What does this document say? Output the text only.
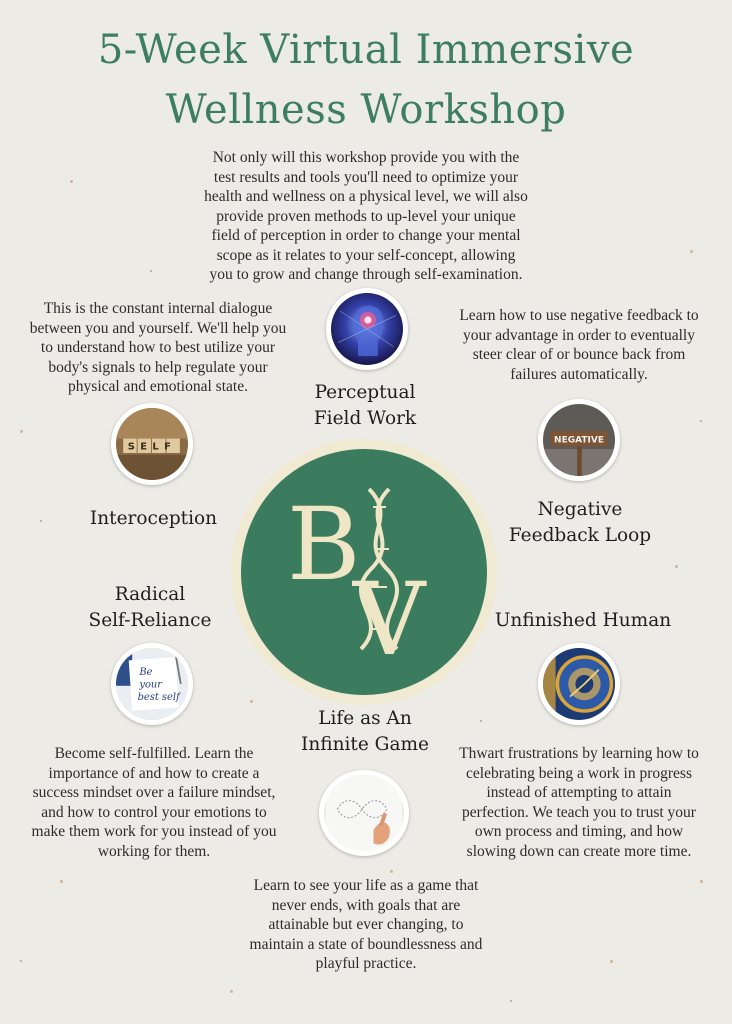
5-Week Virtual Immersive
Wellness Workshop
Not only will this workshop provide you with the
test results and tools you'll need to optimize your
health and wellness on a physical level, we will also
provide proven methods to up-level your unique
field of perception in order to change your mental
scope as it relates to your self-concept, allowing
you to grow and change through self-examination.
This is the constant internal dialogue
between you and yourself. We'll help you
to understand how to best utilize your
body's signals to help regulate your
physical and emotional state.
Learn how to use negative feedback to
your advantage in order to eventually
steer clear of or bounce back from
failures automatically.
Perceptual
Field Work
SELF
Interoception
NEGATIVE
Negative
Feedback Loop
B
V
Radical
Self-Reliance	Unfinished Human
Be
your
best self
Life as An
Infinite Game
Become self-fulfilled. Learn the
importance of and how to create a
success mindset over a failure mindset,
and how to control your emotions to
make them work for you instead of you
working for them.
Thwart frustrations by learning how to
celebrating being a work in progress
instead of attempting to attain
perfection. We teach you to trust your
own process and timing, and how
slowing down can create more time.
Learn to see your life as a game that
never ends, with goals that are
attainable but ever changing, to
maintain a state of boundlessness and
playful practice.
